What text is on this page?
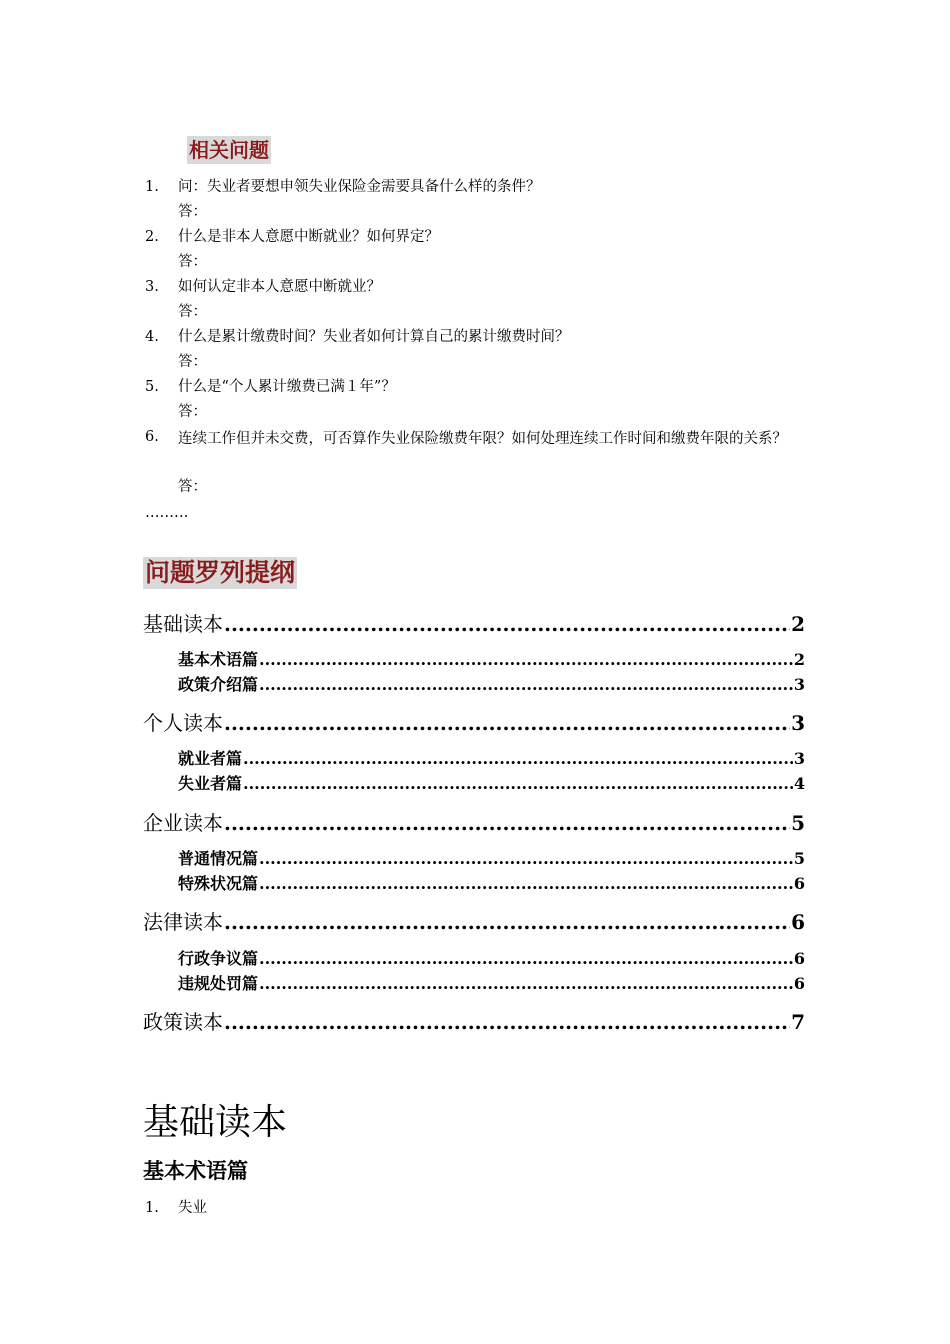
相关问题
1.	问：失业者要想申领失业保险金需要具备什么样的条件？
答：
2.	什么是非本人意愿中断就业？如何界定？
答：
3.	如何认定非本人意愿中断就业？
答：
4.	什么是累计缴费时间？失业者如何计算自己的累计缴费时间？
答：
5.	什么是“个人累计缴费已满１年”？
答：
6.	连续工作但并未交费，可否算作失业保险缴费年限？如何处理连续工作时间和缴费年限的关系？
答：
………
问题罗列提纲
基础读本 .....	2
基本术语篇 .....	2
政策介绍篇 .....	3
个人读本 .....	3
就业者篇 .....	3
失业者篇 .....	4
企业读本 .....	5
普通情况篇 .....	5
特殊状况篇 .....	6
法律读本 .....	6
行政争议篇 .....	6
违规处罚篇 .....	6
政策读本 .....	7
基础读本
基本术语篇
1.	失业
